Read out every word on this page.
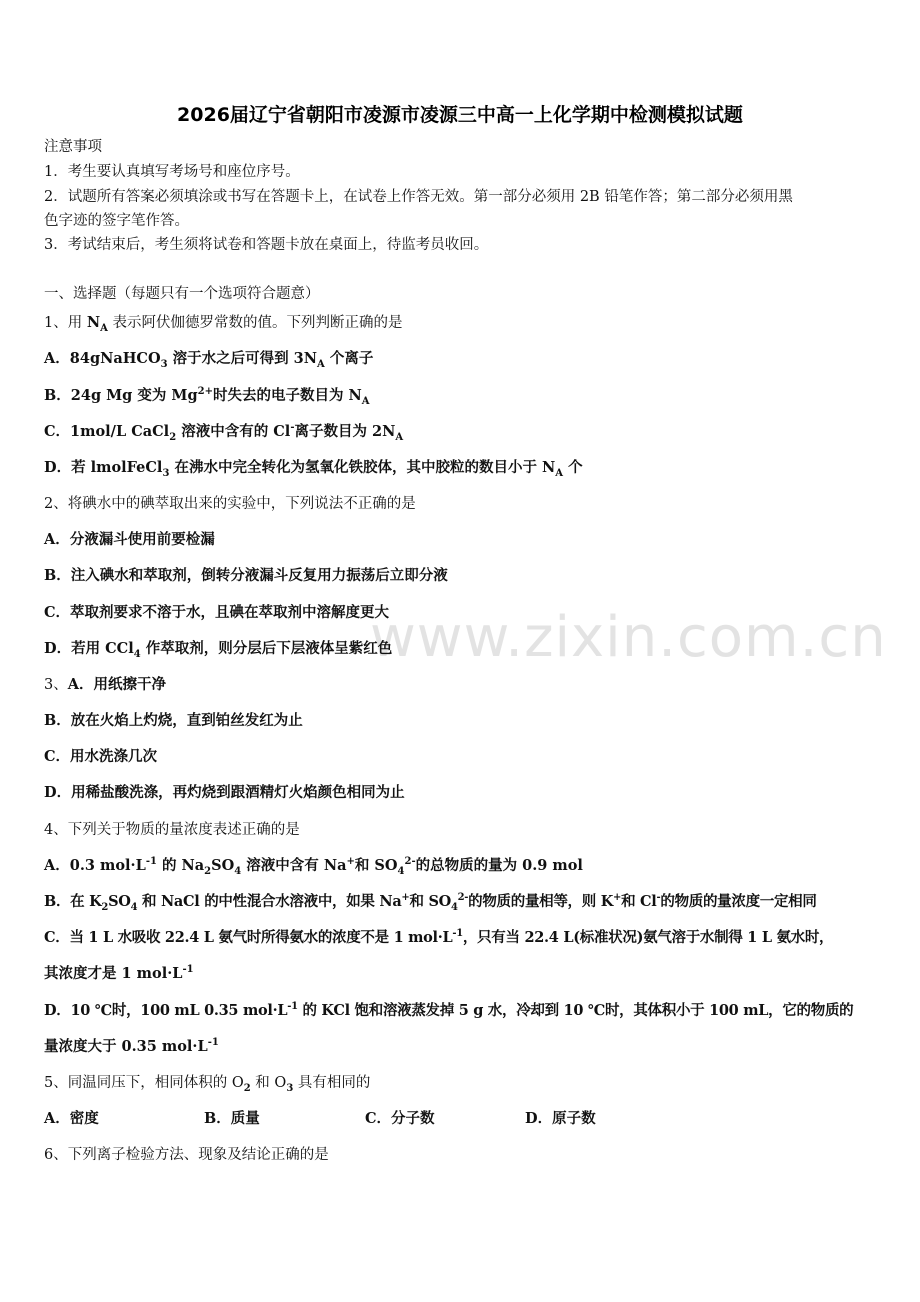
www.zixin.com.cn
2026届辽宁省朝阳市凌源市凌源三中高一上化学期中检测模拟试题
注意事项
1．考生要认真填写考场号和座位序号。
2．试题所有答案必须填涂或书写在答题卡上，在试卷上作答无效。第一部分必须用 2B 铅笔作答；第二部分必须用黑
色字迹的签字笔作答。
3．考试结束后，考生须将试卷和答题卡放在桌面上，待监考员收回。
一、选择题（每题只有一个选项符合题意）
1、用 $N_A$ 表示阿伏伽德罗常数的值。下列判断正确的是
A．84gNaHCO$_3$ 溶于水之后可得到 $3N_A$ 个离子
B．24g Mg 变为 $Mg^{2+}$时失去的电子数目为 $N_A$
C．1mol/L CaCl$_2$ 溶液中含有的 Cl-离子数目为 $2N_A$
D．若 lmolFeCl$_3$ 在沸水中完全转化为氢氧化铁胶体，其中胶粒的数目小于 $N_A$ 个
2、将碘水中的碘萃取出来的实验中，下列说法不正确的是
A．分液漏斗使用前要检漏
B．注入碘水和萃取剂，倒转分液漏斗反复用力振荡后立即分液
C．萃取剂要求不溶于水，且碘在萃取剂中溶解度更大
D．若用 CCl$_4$ 作萃取剂，则分层后下层液体呈紫红色
3、A．用纸擦干净
B．放在火焰上灼烧，直到铂丝发红为止
C．用水洗涤几次
D．用稀盐酸洗涤，再灼烧到跟酒精灯火焰颜色相同为止
4、下列关于物质的量浓度表述正确的是
A．0.3 $mol\cdot L^{-1}$ 的 $Na_2SO_4$ 溶液中含有 Na+和 $SO_4^{2-}$的总物质的量为 0.9 mol
B．在 $K_2SO_4$ 和 NaCl 的中性混合水溶液中，如果 Na+和 $SO_4^{2-}$的物质的量相等，则 K+和 Cl-的物质的量浓度一定相同
C．当 1 L 水吸收 22.4 L 氨气时所得氨水的浓度不是 1 $mol\cdot L^{-1}$，只有当 22.4 L(标准状况)氨气溶于水制得 1 L 氨水时，
其浓度才是 1 $mol\cdot L^{-1}$
D．10 ℃时，100 mL 0.35 $mol\cdot L^{-1}$ 的 KCl 饱和溶液蒸发掉 5 g 水，冷却到 10 ℃时，其体积小于 100 mL，它的物质的
量浓度大于 0.35 $mol\cdot L^{-1}$
5、同温同压下，相同体积的 $O_2$ 和 $O_3$ 具有相同的
A．密度	B．质量	C．分子数	D．原子数
6、下列离子检验方法、现象及结论正确的是
